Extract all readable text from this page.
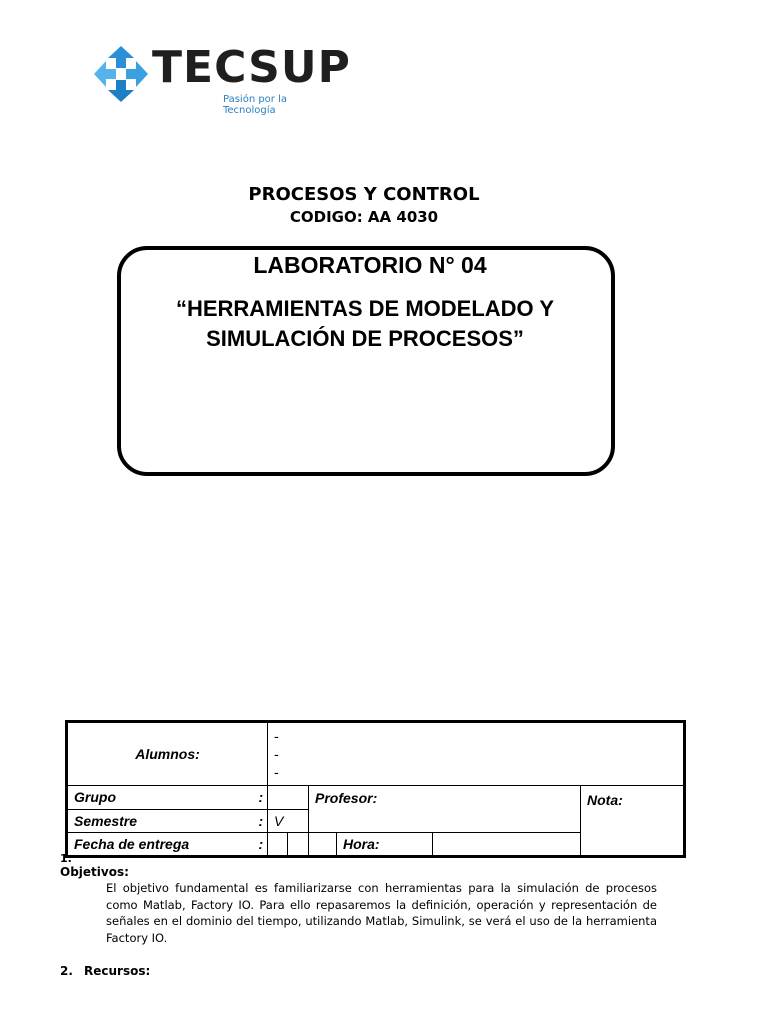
TECSUP
Pasión por la Tecnología
PROCESOS Y CONTROL
CODIGO: AA 4030
LABORATORIO N° 04
“HERRAMIENTAS DE MODELADO Y
SIMULACIÓN DE PROCESOS”
Alumnos:		-
-
-					

Grupo	:			Profesor:			Nota:
Semestre	:	V					
Fecha de entrega	:				Hora:		
1.
Objetivos:
El objetivo fundamental es familiarizarse con herramientas para la simulación de procesos como Matlab, Factory IO. Para ello repasaremos la definición, operación y representación de señales en el dominio del tiempo, utilizando Matlab, Simulink, se verá el uso de la herramienta Factory IO.
2. Recursos:
